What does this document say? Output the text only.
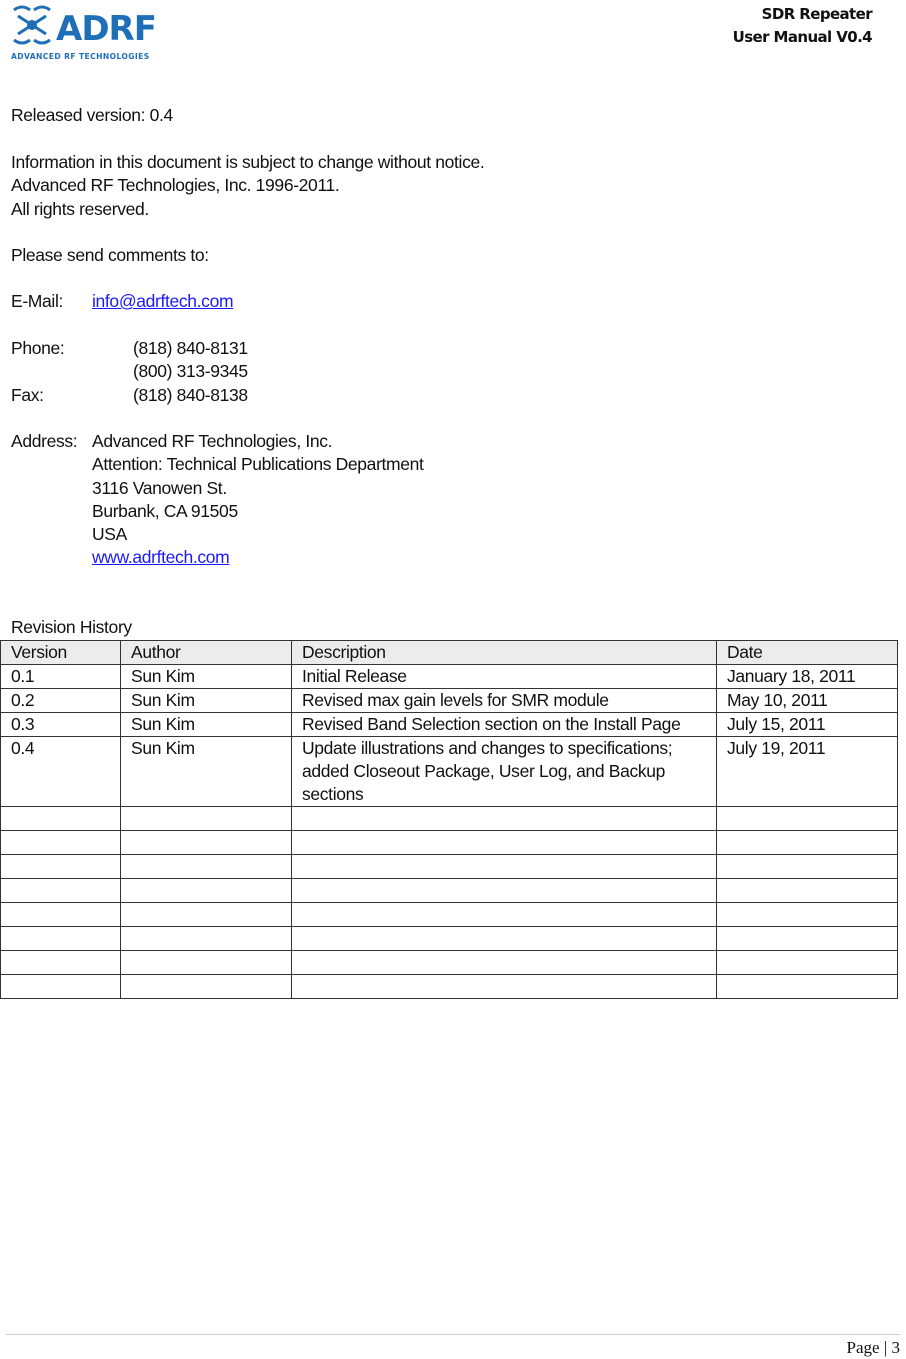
ADRF
ADVANCED RF TECHNOLOGIES
SDR Repeater
User Manual V0.4
Released version: 0.4
Information in this document is subject to change without notice.
Advanced RF Technologies, Inc. 1996-2011.
All rights reserved.
Please send comments to:
E-Mail: info@adrftech.com
Phone:	(818) 840-8131
(800) 313-9345
Fax:	(818) 840-8138
Address: Advanced RF Technologies, Inc.
Attention: Technical Publications Department
3116 Vanowen St.
Burbank, CA 91505
USA
www.adrftech.com
Revision History
Version	Author	Description	Date
0.1	Sun Kim	Initial Release	January 18, 2011
0.2	Sun Kim	Revised max gain levels for SMR module	May 10, 2011
0.3	Sun Kim	Revised Band Selection section on the Install Page	July 15, 2011
0.4	Sun Kim	Update illustrations and changes to specifications; added Closeout Package, User Log, and Backup sections	July 19, 2011

Page | 3
